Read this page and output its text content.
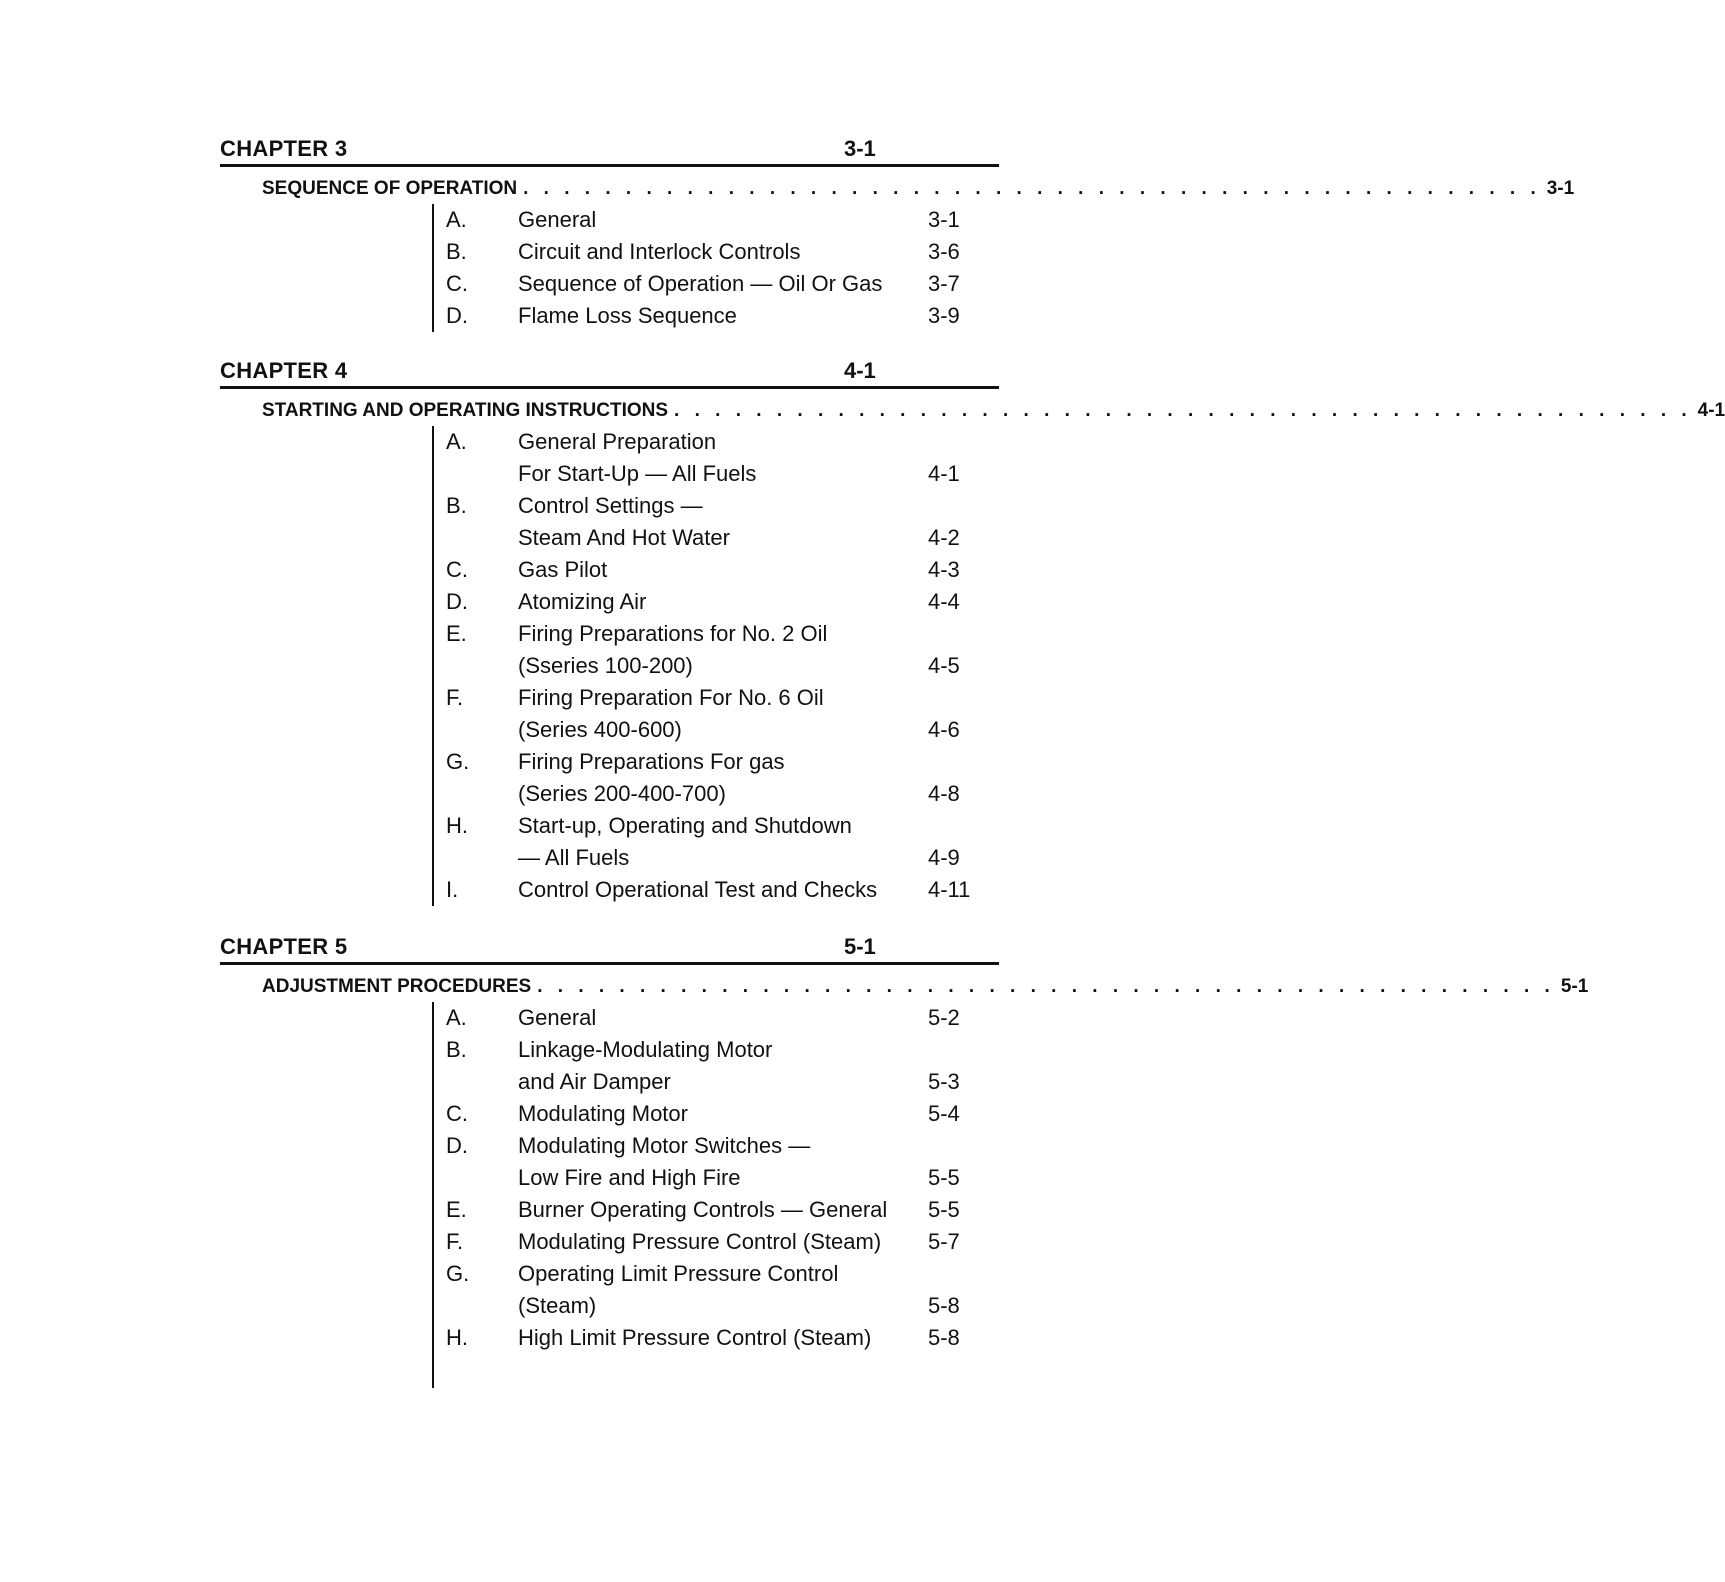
CHAPTER 3	3-1
SEQUENCE OF OPERATION . . . . . . . . . . . . . . . . . . . . . . . . . . . . . . . . . . . . . . . . . . . . . . . . . . 3-1
A. General	3-1
B. Circuit and Interlock Controls	3-6
C. Sequence of Operation — Oil Or Gas 3-7
D. Flame Loss Sequence	3-9
CHAPTER 4	4-1
STARTING AND OPERATING INSTRUCTIONS . . . . . . . . . . . . . . . . . . . . . . . . . . . . . . . . . . . . . . . . . . . . . . . . . . 4-1
A. General Preparation
For Start-Up — All Fuels	4-1
B. Control Settings —
Steam And Hot Water	4-2
C. Gas Pilot	4-3
D. Atomizing Air	4-4
E. Firing Preparations for No. 2 Oil
(Sseries 100-200)	4-5
F. Firing Preparation For No. 6 Oil
(Series 400-600)	4-6
G. Firing Preparations For gas
(Series 200-400-700)	4-8
H. Start-up, Operating and Shutdown
— All Fuels	4-9
I.	Control Operational Test and Checks 4-11
CHAPTER 5	5-1
ADJUSTMENT PROCEDURES . . . . . . . . . . . . . . . . . . . . . . . . . . . . . . . . . . . . . . . . . . . . . . . . . . 5-1
A. General	5-2
B. Linkage-Modulating Motor
and Air Damper	5-3
C. Modulating Motor	5-4
D. Modulating Motor Switches —
Low Fire and High Fire	5-5
E. Burner Operating Controls — General 5-5
F. Modulating Pressure Control (Steam) 5-7
G. Operating Limit Pressure Control
(Steam)	5-8
H. High Limit Pressure Control (Steam)	5-8
